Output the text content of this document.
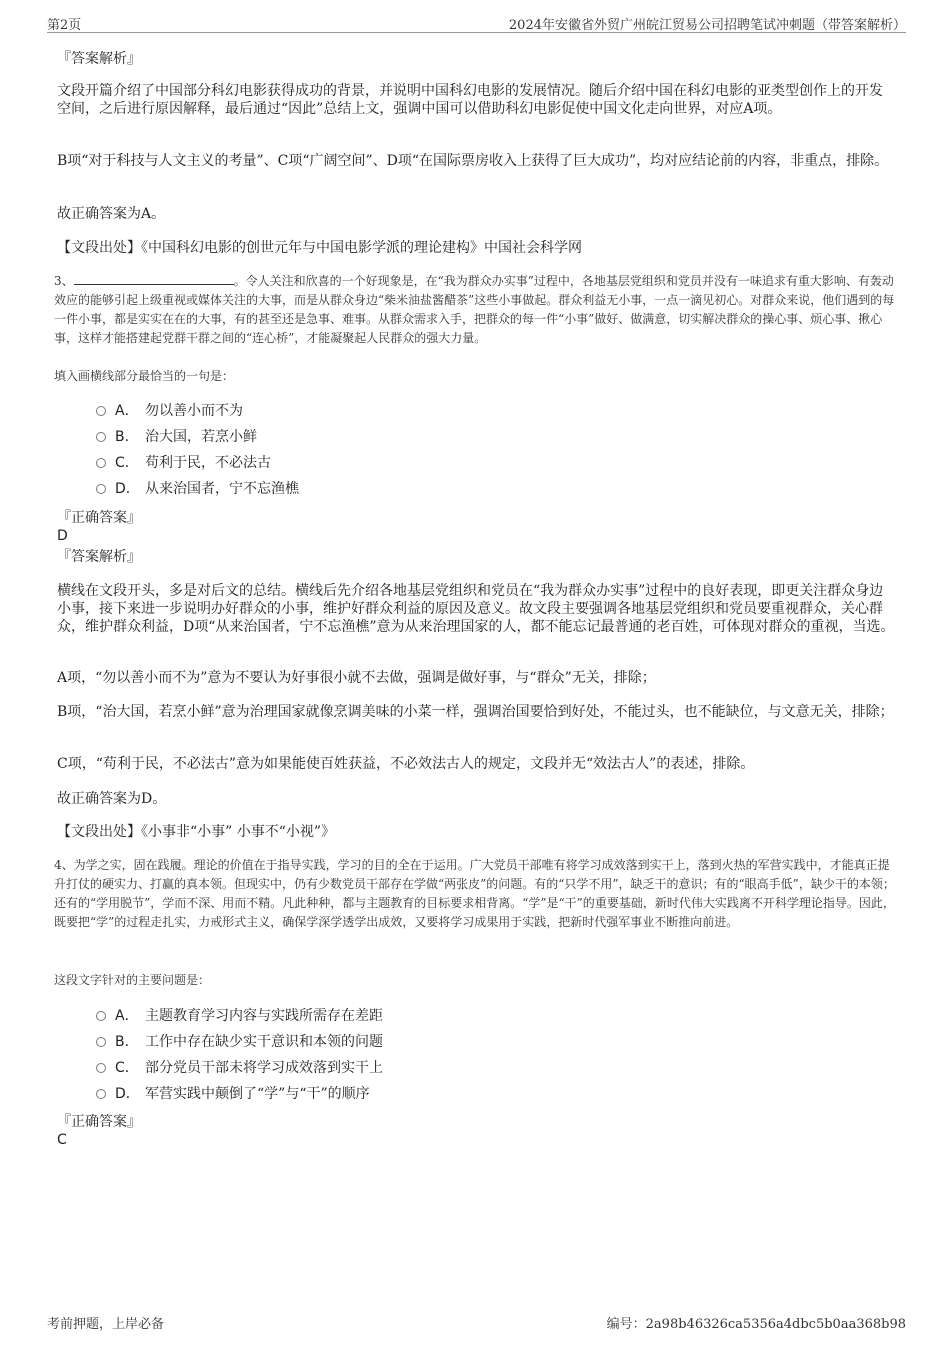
第2页	2024年安徽省外贸广州皖江贸易公司招聘笔试冲刺题（带答案解析）
『答案解析』
文段开篇介绍了中国部分科幻电影获得成功的背景，并说明中国科幻电影的发展情况。随后介绍中国在科幻电影的亚类型创作上的开发空间，之后进行原因解释，最后通过“因此”总结上文，强调中国可以借助科幻电影促使中国文化走向世界，对应A项。
B项“对于科技与人文主义的考量”、C项“广阔空间”、D项“在国际票房收入上获得了巨大成功”，均对应结论前的内容，非重点，排除。
故正确答案为A。
【文段出处】《中国科幻电影的创世元年与中国电影学派的理论建构》中国社会科学网
3、	。令人关注和欣喜的一个好现象是，在“我为群众办实事”过程中，各地基层党组织和党员并没有一味追求有重大影响、有轰动效应的能够引起上级重视或媒体关注的大事，而是从群众身边“柴米油盐酱醋茶”这些小事做起。群众利益无小事，一点一滴见初心。对群众来说，他们遇到的每一件小事，都是实实在在的大事，有的甚至还是急事、难事。从群众需求入手，把群众的每一件“小事”做好、做满意，切实解决群众的操心事、烦心事、揪心事，这样才能搭建起党群干群之间的“连心桥”，才能凝聚起人民群众的强大力量。
填入画横线部分最恰当的一句是：
A． 勿以善小而不为
B． 治大国，若烹小鲜
C． 苟利于民，不必法古
D． 从来治国者，宁不忘渔樵
『正确答案』
D
『答案解析』
横线在文段开头，多是对后文的总结。横线后先介绍各地基层党组织和党员在“我为群众办实事”过程中的良好表现，即更关注群众身边小事，接下来进一步说明办好群众的小事，维护好群众利益的原因及意义。故文段主要强调各地基层党组织和党员要重视群众，关心群众，维护群众利益，D项“从来治国者，宁不忘渔樵”意为从来治理国家的人，都不能忘记最普通的老百姓，可体现对群众的重视，当选。
A项，“勿以善小而不为”意为不要认为好事很小就不去做，强调是做好事，与“群众”无关，排除；
B项，“治大国，若烹小鲜”意为治理国家就像烹调美味的小菜一样，强调治国要恰到好处，不能过头，也不能缺位，与文意无关，排除；
C项，“苟利于民，不必法古”意为如果能使百姓获益，不必效法古人的规定，文段并无“效法古人”的表述，排除。
故正确答案为D。
【文段出处】《小事非“小事” 小事不“小视”》
4、为学之实，固在践履。理论的价值在于指导实践，学习的目的全在于运用。广大党员干部唯有将学习成效落到实干上，落到火热的军营实践中，才能真正提升打仗的硬实力、打赢的真本领。但现实中，仍有少数党员干部存在学做“两张皮”的问题。有的“只学不用”，缺乏干的意识；有的“眼高手低”，缺少干的本领；还有的“学用脱节”，学而不深、用而不精。凡此种种，都与主题教育的目标要求相背离。“学”是“干”的重要基础，新时代伟大实践离不开科学理论指导。因此，既要把“学”的过程走扎实，力戒形式主义，确保学深学透学出成效，又要将学习成果用于实践，把新时代强军事业不断推向前进。
这段文字针对的主要问题是：
A． 主题教育学习内容与实践所需存在差距
B． 工作中存在缺少实干意识和本领的问题
C． 部分党员干部未将学习成效落到实干上
D． 军营实践中颠倒了“学”与“干”的顺序
『正确答案』
C
考前押题，上岸必备	编号：2a98b46326ca5356a4dbc5b0aa368b98
